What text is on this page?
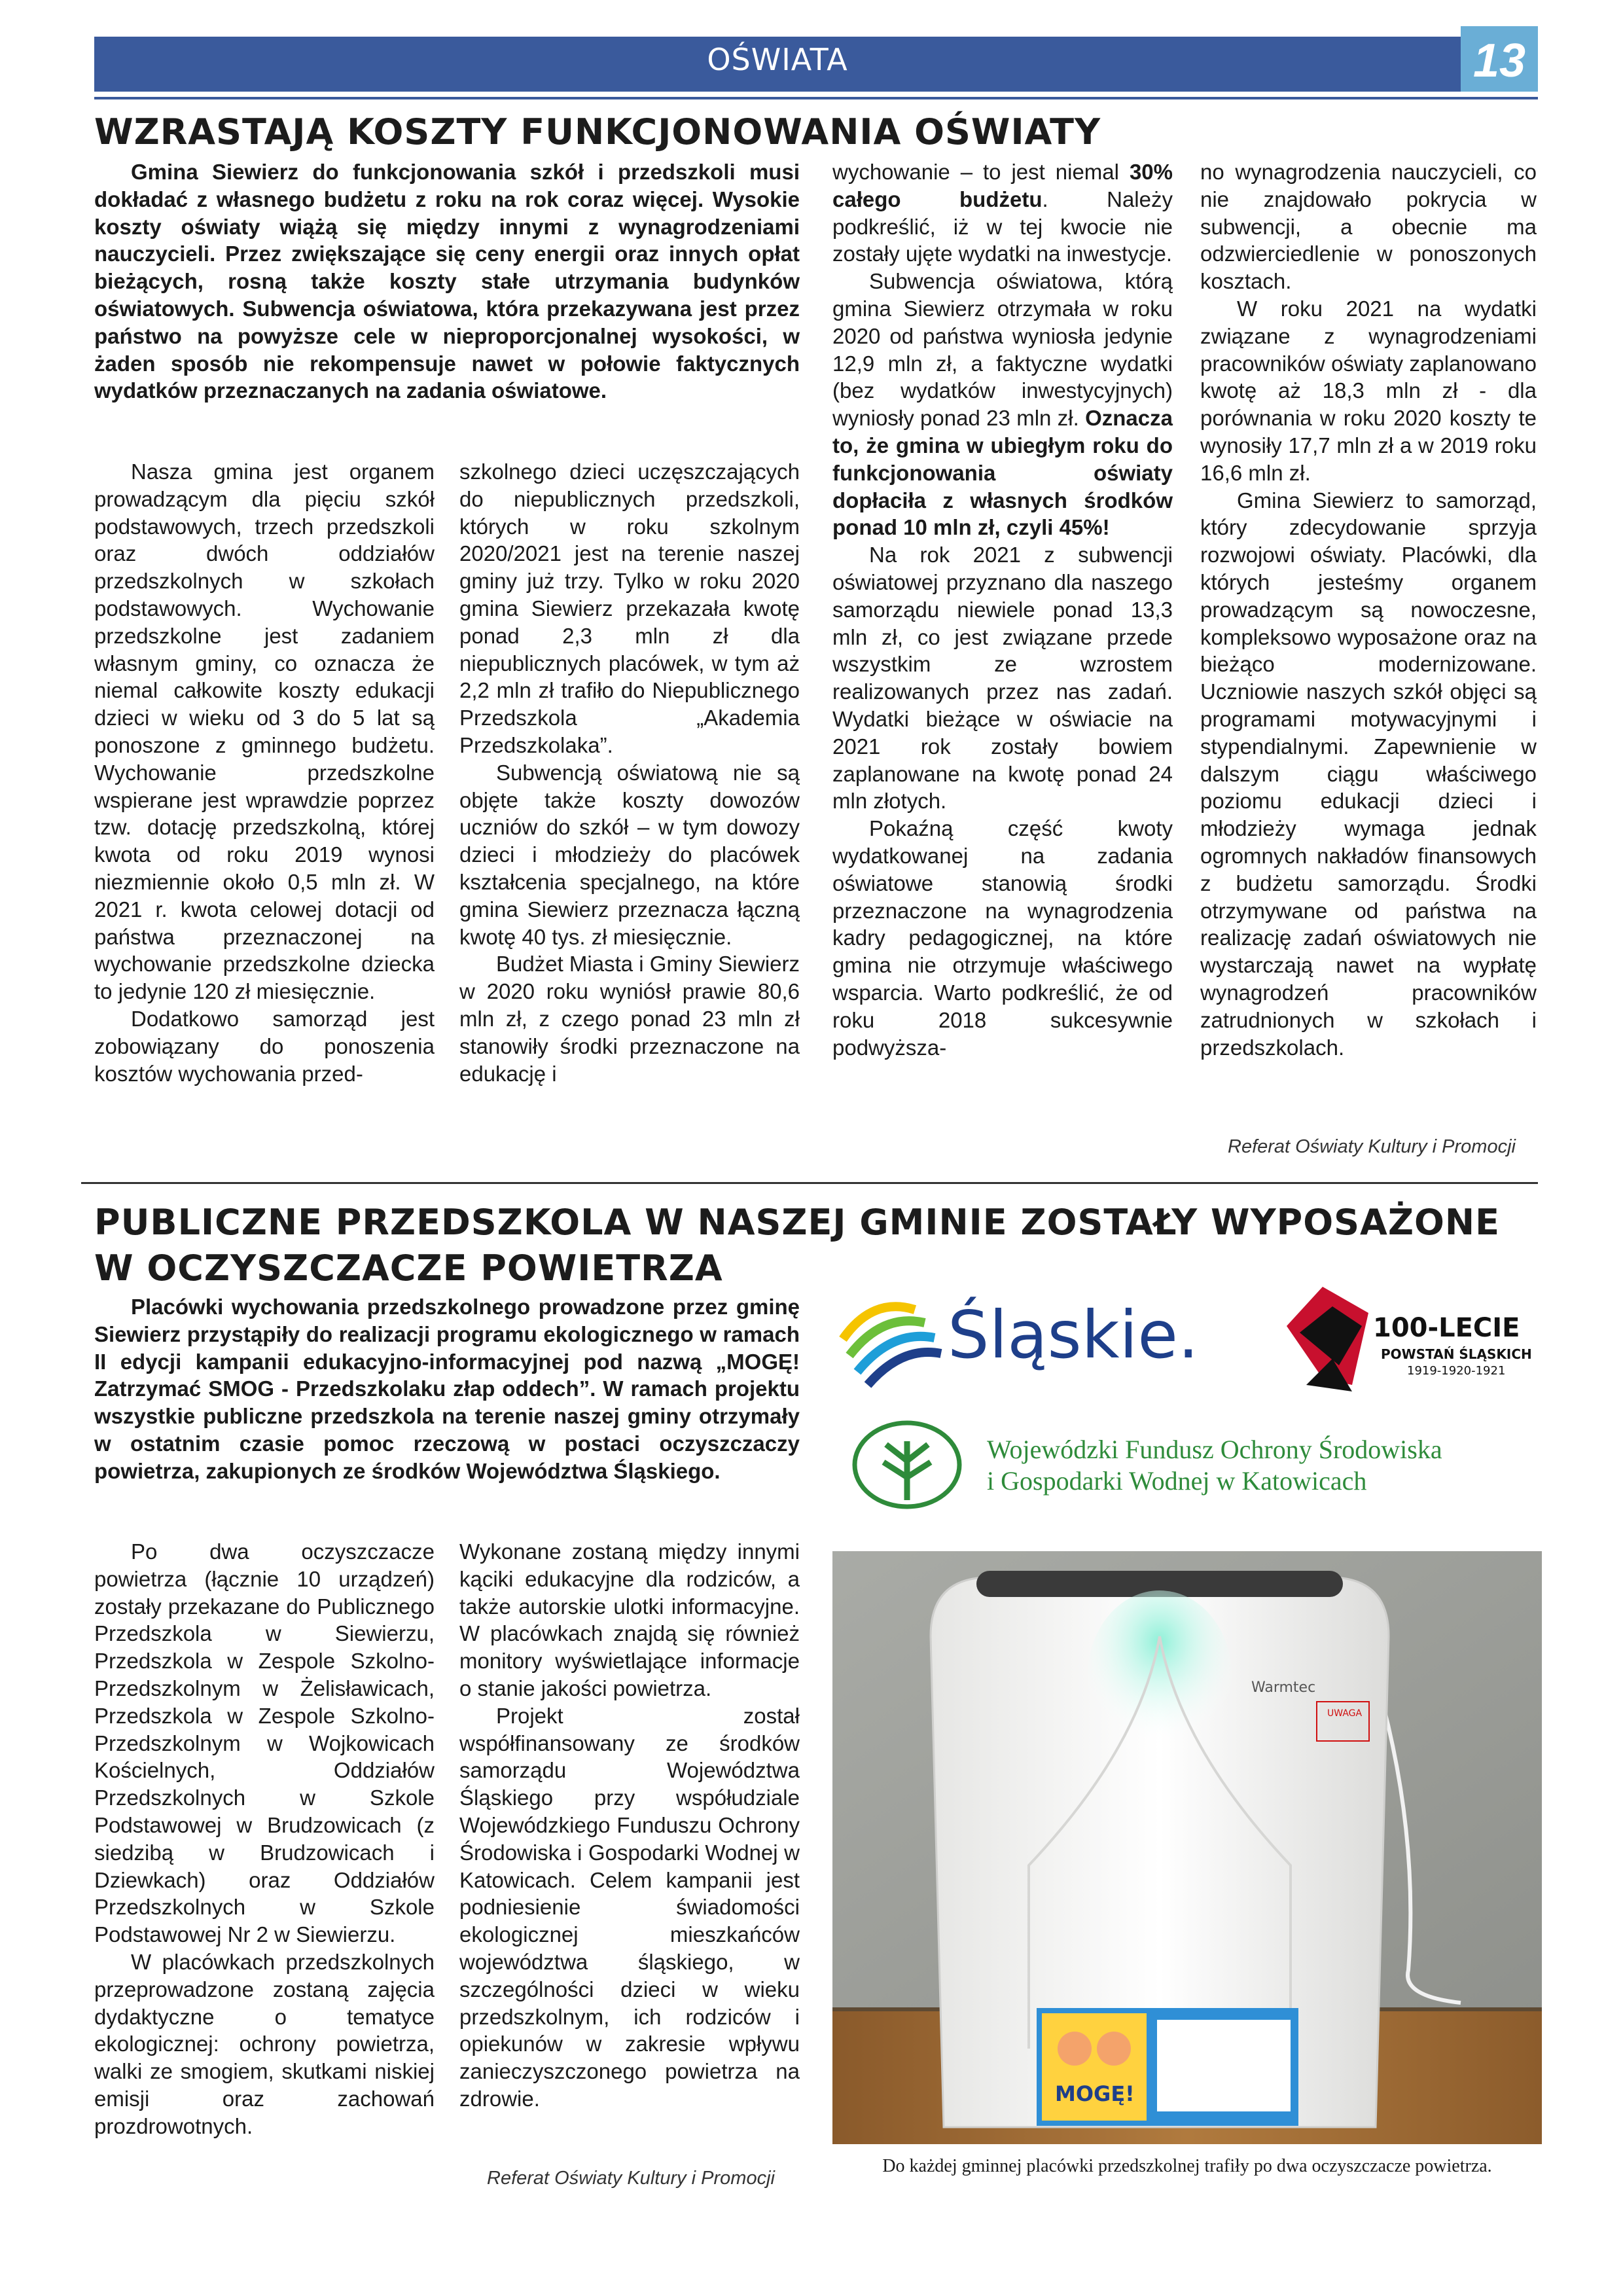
OŚWIATA	13
WZRASTAJĄ KOSZTY FUNKCJONOWANIA OŚWIATY
Gmina Siewierz do funkcjonowania szkół i przedszkoli musi dokładać z własnego budżetu z roku na rok coraz więcej. Wysokie koszty oświaty wiążą się między innymi z wynagrodzeniami nauczycieli. Przez zwiększające się ceny energii oraz innych opłat bieżących, rosną także koszty stałe utrzymania budynków oświatowych. Subwencja oświatowa, która przekazywana jest przez państwo na powyższe cele w nieproporcjonalnej wysokości, w żaden sposób nie rekompensuje nawet w połowie faktycznych wydatków przeznaczanych na zadania oświatowe.

Nasza gmina jest organem prowadzącym dla pięciu szkół podstawowych, trzech przedszkoli oraz dwóch oddziałów przedszkolnych w szkołach podstawowych. Wychowanie przedszkolne jest zadaniem własnym gminy, co oznacza że niemal całkowite koszty edukacji dzieci w wieku od 3 do 5 lat są ponoszone z gminnego budżetu. Wychowanie przedszkolne wspierane jest wprawdzie poprzez tzw. dotację przedszkolną, której kwota od roku 2019 wynosi niezmiennie około 0,5 mln zł. W 2021 r. kwota celowej dotacji od państwa przeznaczonej na wychowanie przedszkolne dziecka to jedynie 120 zł miesięcznie.

Dodatkowo samorząd jest zobowiązany do ponoszenia kosztów wychowania przed-

szkolnego dzieci uczęszczających do niepublicznych przedszkoli, których w roku szkolnym 2020/2021 jest na terenie naszej gminy już trzy. Tylko w roku 2020 gmina Siewierz przekazała kwotę ponad 2,3 mln zł dla niepublicznych placówek, w tym aż 2,2 mln zł trafiło do Niepublicznego Przedszkola „Akademia Przedszkolaka”.

Subwencją oświatową nie są objęte także koszty dowozów uczniów do szkół – w tym dowozy dzieci i młodzieży do placówek kształcenia specjalnego, na które gmina Siewierz przeznacza łączną kwotę 40 tys. zł miesięcznie.

Budżet Miasta i Gminy Siewierz w 2020 roku wyniósł prawie 80,6 mln zł, z czego ponad 23 mln zł stanowiły środki przeznaczone na edukację i

wychowanie – to jest niemal 30% całego budżetu. Należy podkreślić, iż w tej kwocie nie zostały ujęte wydatki na inwestycje.

Subwencja oświatowa, którą gmina Siewierz otrzymała w roku 2020 od państwa wyniosła jedynie 12,9 mln zł, a faktyczne wydatki (bez wydatków inwestycyjnych) wyniosły ponad 23 mln zł. Oznacza to, że gmina w ubiegłym roku do funkcjonowania oświaty dopłaciła z własnych środków ponad 10 mln zł, czyli 45%!

Na rok 2021 z subwencji oświatowej przyznano dla naszego samorządu niewiele ponad 13,3 mln zł, co jest związane przede wszystkim ze wzrostem realizowanych przez nas zadań. Wydatki bieżące w oświacie na 2021 rok zostały bowiem zaplanowane na kwotę ponad 24 mln złotych.

Pokaźną część kwoty wydatkowanej na zadania oświatowe stanowią środki przeznaczone na wynagrodzenia kadry pedagogicznej, na które gmina nie otrzymuje właściwego wsparcia. Warto podkreślić, że od roku 2018 sukcesywnie podwyższa-

no wynagrodzenia nauczycieli, co nie znajdowało pokrycia w subwencji, a obecnie ma odzwierciedlenie w ponoszonych kosztach.

W roku 2021 na wydatki związane z wynagrodzeniami pracowników oświaty zaplanowano kwotę aż 18,3 mln zł - dla porównania w roku 2020 koszty te wynosiły 17,7 mln zł a w 2019 roku 16,6 mln zł.

Gmina Siewierz to samorząd, który zdecydowanie sprzyja rozwojowi oświaty. Placówki, dla których jesteśmy organem prowadzącym są nowoczesne, kompleksowo wyposażone oraz na bieżąco modernizowane. Uczniowie naszych szkół objęci są programami motywacyjnymi i stypendialnymi. Zapewnienie w dalszym ciągu właściwego poziomu edukacji dzieci i młodzieży wymaga jednak ogromnych nakładów finansowych z budżetu samorządu. Środki otrzymywane od państwa na realizację zadań oświatowych nie wystarczają nawet na wypłatę wynagrodzeń pracowników zatrudnionych w szkołach i przedszkolach.

Referat Oświaty Kultury i Promocji
PUBLICZNE PRZEDSZKOLA W NASZEJ GMINIE ZOSTAŁY WYPOSAŻONE
W OCZYSZCZACZE POWIETRZA
Placówki wychowania przedszkolnego prowadzone przez gminę Siewierz przystąpiły do realizacji programu ekologicznego w ramach II edycji kampanii edukacyjno-informacyjnej pod nazwą „MOGĘ! Zatrzymać SMOG - Przedszkolaku złap oddech”. W ramach projektu wszystkie publiczne przedszkola na terenie naszej gminy otrzymały w ostatnim czasie pomoc rzeczową w postaci oczyszczaczy powietrza, zakupionych ze środków Województwa Śląskiego.

Po dwa oczyszczacze powietrza (łącznie 10 urządzeń) zostały przekazane do Publicznego Przedszkola w Siewierzu, Przedszkola w Zespole Szkolno-Przedszkolnym w Żelisławicach, Przedszkola w Zespole Szkolno-Przedszkolnym w Wojkowicach Kościelnych, Oddziałów Przedszkolnych w Szkole Podstawowej w Brudzowicach (z siedzibą w Brudzowicach i Dziewkach) oraz Oddziałów Przedszkolnych w Szkole Podstawowej Nr 2 w Siewierzu.

W placówkach przedszkolnych przeprowadzone zostaną zajęcia dydaktyczne o tematyce ekologicznej: ochrony powietrza, walki ze smogiem, skutkami niskiej emisji oraz zachowań prozdrowotnych.

Wykonane zostaną między innymi kąciki edukacyjne dla rodziców, a także autorskie ulotki informacyjne. W placówkach znajdą się również monitory wyświetlające informacje o stanie jakości powietrza.

Projekt został współfinansowany ze środków samorządu Województwa Śląskiego przy współudziale Wojewódzkiego Funduszu Ochrony Środowiska i Gospodarki Wodnej w Katowicach. Celem kampanii jest podniesienie świadomości ekologicznej mieszkańców województwa śląskiego, w szczególności dzieci w wieku przedszkolnym, ich rodziców i opiekunów w zakresie wpływu zanieczyszczonego powietrza na zdrowie.

Referat Oświaty Kultury i Promocji
Śląskie.	100-LECIE
POWSTAŃ ŚLĄSKICH
1919-1920-1921
Wojewódzki Fundusz Ochrony Środowiska
i Gospodarki Wodnej w Katowicach
Warmtec
UWAGA
MOGĘ!
Do każdej gminnej placówki przedszkolnej trafiły po dwa oczyszczacze powietrza.
